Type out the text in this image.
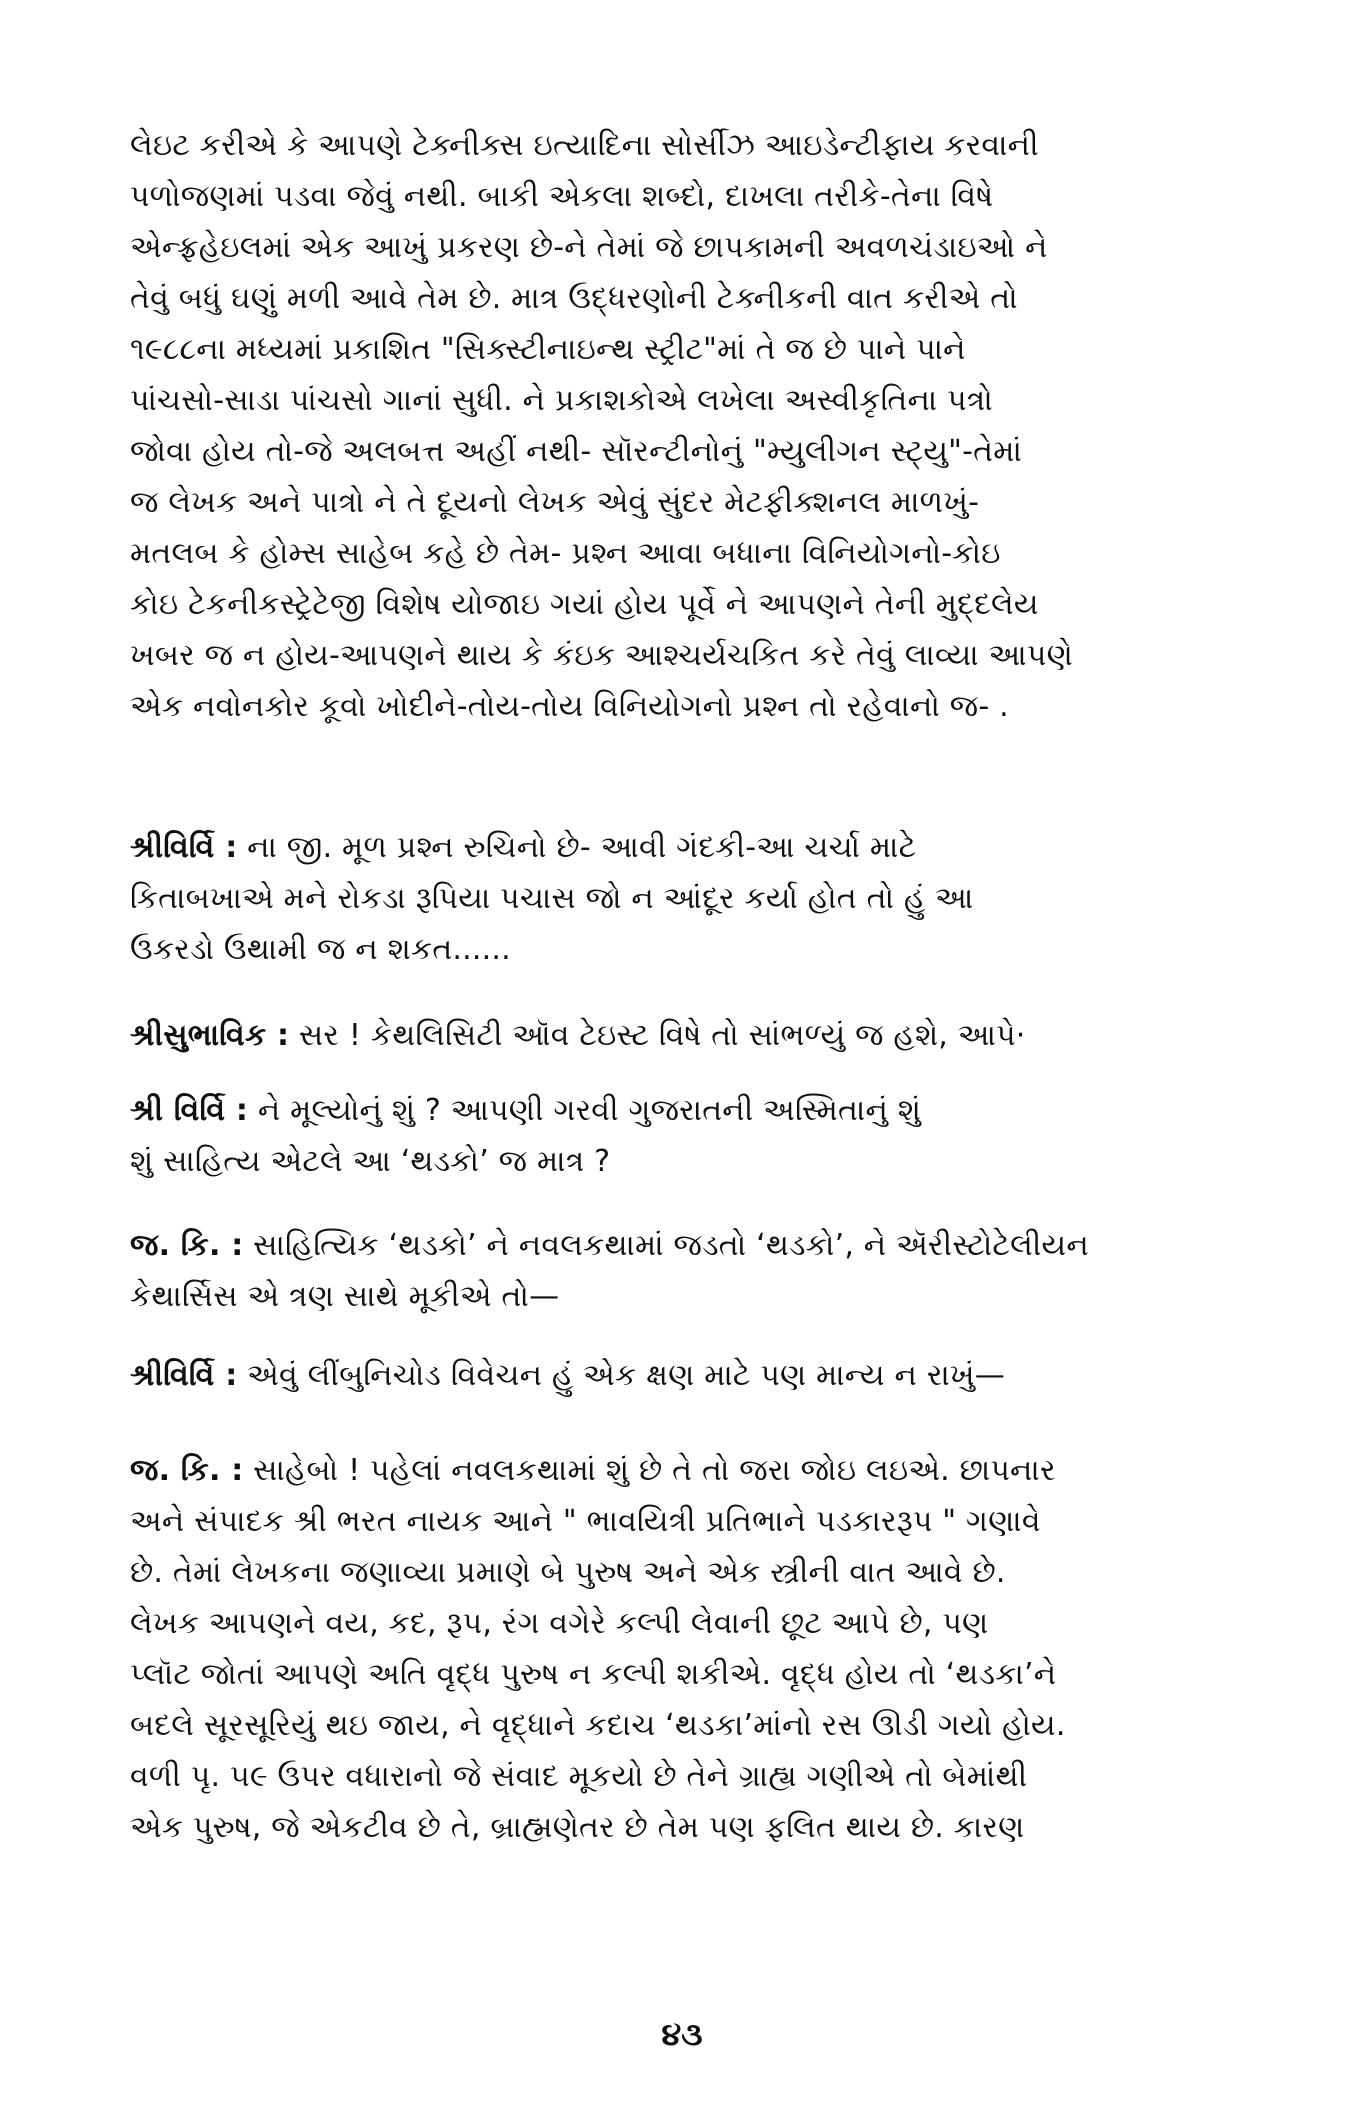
લેઇટ કરીએ કે આપણે ટેક્નીક્સ ઇત્યાદિના સોર્સીઝ આઇડેન્ટીફાય કરવાની
પળોજણમાં પડવા જેવું નથી. બાકી એકલા શબ્દો, દાખલા તરીકે-તેના વિષે
એન્ફ્રહેઇલમાં એક આખું પ્રકરણ છે-ને તેમાં જે છાપકામની અવળચંડાઇઓ ને
તેવું બધું ઘણું મળી આવે તેમ છે. માત્ર ઉદ્ધરણોની ટેક્નીકની વાત કરીએ તો
૧૯૮૮ના મધ્યમાં પ્રકાશિત "સિક્સ્ટીનાઇન્થ સ્ટ્રીટ"માં તે જ છે પાને પાને
પાંચસો-સાડા પાંચસો ગાનાં સુધી. ને પ્રકાશકોએ લખેલા અસ્વીકૃતિના પત્રો
જોવા હોય તો-જે અલબત્ત અહીં નથી- સૉરન્ટીનોનું "મ્યુલીગન સ્ટ્યુ"-તેમાં
જ લેખક અને પાત્રો ને તે દૂયનો લેખક એવું સુંદર મેટફીક્શનલ માળખું-
મતલબ કે હોમ્સ સાહેબ કહે છે તેમ- પ્રશ્ન આવા બધાના વિનિયોગનો-કોઇ
કોઇ ટેકનીકસ્ટ્રેટેજી વિશેષ યોજાઇ ગયાં હોય પૂર્વે ને આપણને તેની મુદ્દલેય
ખબર જ ન હોય-આપણને થાય કે કંઇક આશ્ચર્યચકિત કરે તેવું લાવ્યા આપણે
એક નવોનકોર કૂવો ખોદીને-તોય-તોય વિનિયોગનો પ્રશ્ન તો રહેવાનો જ- .
શ્રીવિર્વિ : ના જી. મૂળ પ્રશ્ન રુચિનો છે- આવી ગંદકી-આ ચર્ચા માટે
કિતાબખાએ મને રોકડા રૂપિયા પચાસ જો ન આંદૂર કર્યા હોત તો હું આ
ઉકરડો ઉથામી જ ન શકત......
શ્રીસુભાવિક : સર ! કેથલિસિટી ઑવ ટેઇસ્ટ વિષે તો સાંભળ્યું જ હશે, આપે·
શ્રી વિર્વિ : ને મૂલ્યોનું શું ? આપણી ગરવી ગુજરાતની અસ્મિતાનું શું
શું સાહિત્ય એટલે આ ‘થડકો’ જ માત્ર ?
જ. કિ. : સાહિત્યિક ‘થડકો’ ને નવલકથામાં જડતો ‘થડકો’, ને ઍરીસ્ટોટેલીયન
કેથાર્સિસ એ ત્રણ સાથે મૂકીએ તો—
શ્રીવિર્વિ : એવું લીંબુનિચોડ વિવેચન હું એક ક્ષણ માટે પણ માન્ય ન રાખું—
જ. કિ. : સાહેબો ! પહેલાં નવલકથામાં શું છે તે તો જરા જોઇ લઇએ. છાપનાર
અને સંપાદક શ્રી ભરત નાયક આને " ભાવયિત્રી પ્રતિભાને પડકારરૂપ " ગણાવે
છે. તેમાં લેખકના જણાવ્યા પ્રમાણે બે પુરુષ અને એક સ્ત્રીની વાત આવે છે.
લેખક આપણને વય, કદ, રૂપ, રંગ વગેરે કલ્પી લેવાની છૂટ આપે છે, પણ
પ્લૉટ જોતાં આપણે અતિ વૃદ્ધ પુરુષ ન કલ્પી શકીએ. વૃદ્ધ હોય તો ‘થડકા’ને
બદલે સૂરસૂરિયું થઇ જાય, ને વૃદ્ધાને કદાચ ‘થડકા’માંનો રસ ઊડી ગયો હોય.
વળી પૃ. ૫૯ ઉપર વધારાનો જે સંવાદ મૂકયો છે તેને ગ્રાહ્ય ગણીએ તો બેમાંથી
એક પુરુષ, જે એકટીવ છે તે, બ્રાહ્મણેતર છે તેમ પણ ફલિત થાય છે. કારણ
૪૩
